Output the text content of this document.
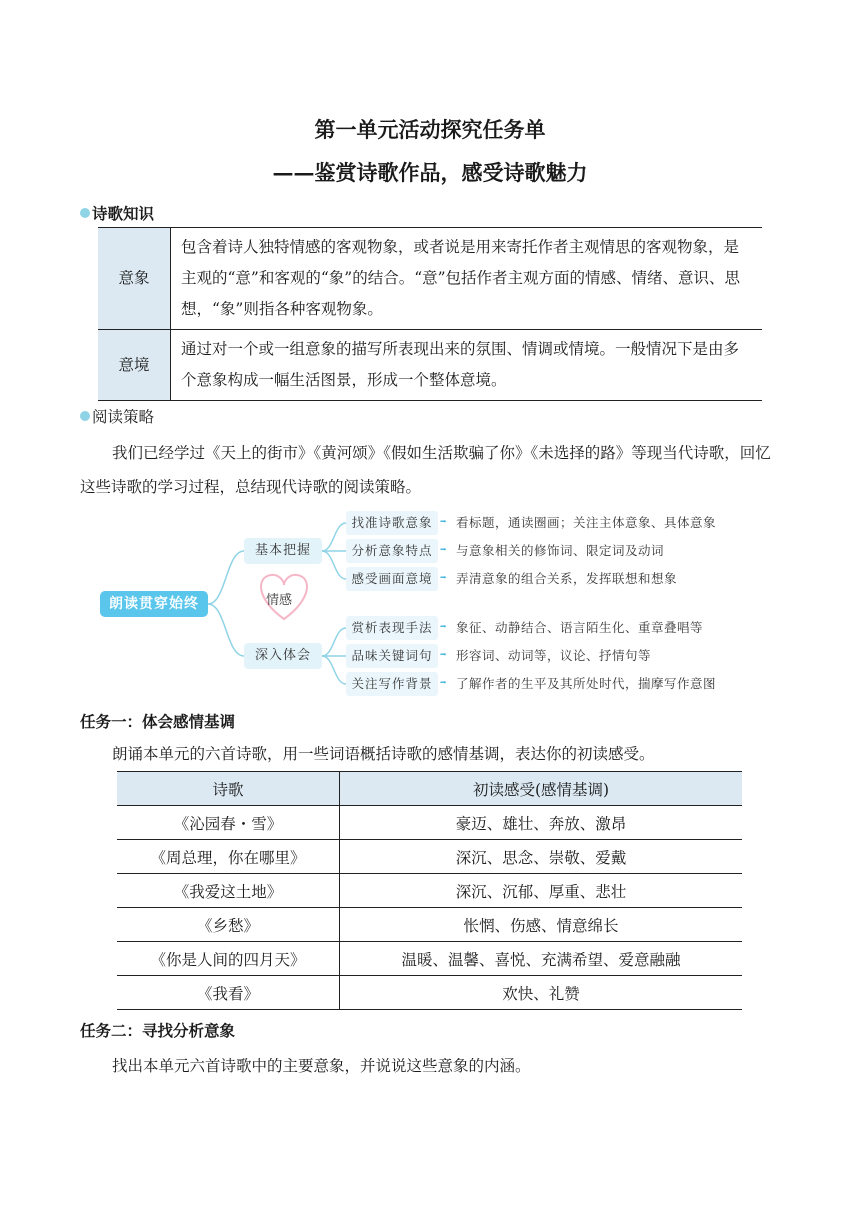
第一单元活动探究任务单
——鉴赏诗歌作品，感受诗歌魅力
诗歌知识
意象	包含着诗人独特情感的客观物象，或者说是用来寄托作者主观情思的客观物象，是主观的“意”和客观的“象”的结合。“意”包括作者主观方面的情感、情绪、意识、思想，“象”则指各种客观物象。
意境	通过对一个或一组意象的描写所表现出来的氛围、情调或情境。一般情况下是由多个意象构成一幅生活图景，形成一个整体意境。
阅读策略
我们已经学过《天上的街市》《黄河颂》《假如生活欺骗了你》《未选择的路》等现当代诗歌，回忆这些诗歌的学习过程，总结现代诗歌的阅读策略。
朗读贯穿始终	情感
基本把握
深入体会
找准诗歌意象 ➡ 看标题，通读圈画；关注主体意象、具体意象
分析意象特点 ➡ 与意象相关的修饰词、限定词及动词
感受画面意境 ➡ 弄清意象的组合关系，发挥联想和想象
赏析表现手法 ➡ 象征、动静结合、语言陌生化、重章叠唱等
品味关键词句 ➡ 形容词、动词等，议论、抒情句等
关注写作背景 ➡ 了解作者的生平及其所处时代，揣摩写作意图
任务一：体会感情基调
朗诵本单元的六首诗歌，用一些词语概括诗歌的感情基调，表达你的初读感受。
诗歌	初读感受(感情基调)
《沁园春・雪》	豪迈、雄壮、奔放、激昂
《周总理，你在哪里》	深沉、思念、崇敬、爱戴
《我爱这土地》	深沉、沉郁、厚重、悲壮
《乡愁》	怅惘、伤感、情意绵长
《你是人间的四月天》	温暖、温馨、喜悦、充满希望、爱意融融
《我看》	欢快、礼赞
任务二：寻找分析意象
找出本单元六首诗歌中的主要意象，并说说这些意象的内涵。
